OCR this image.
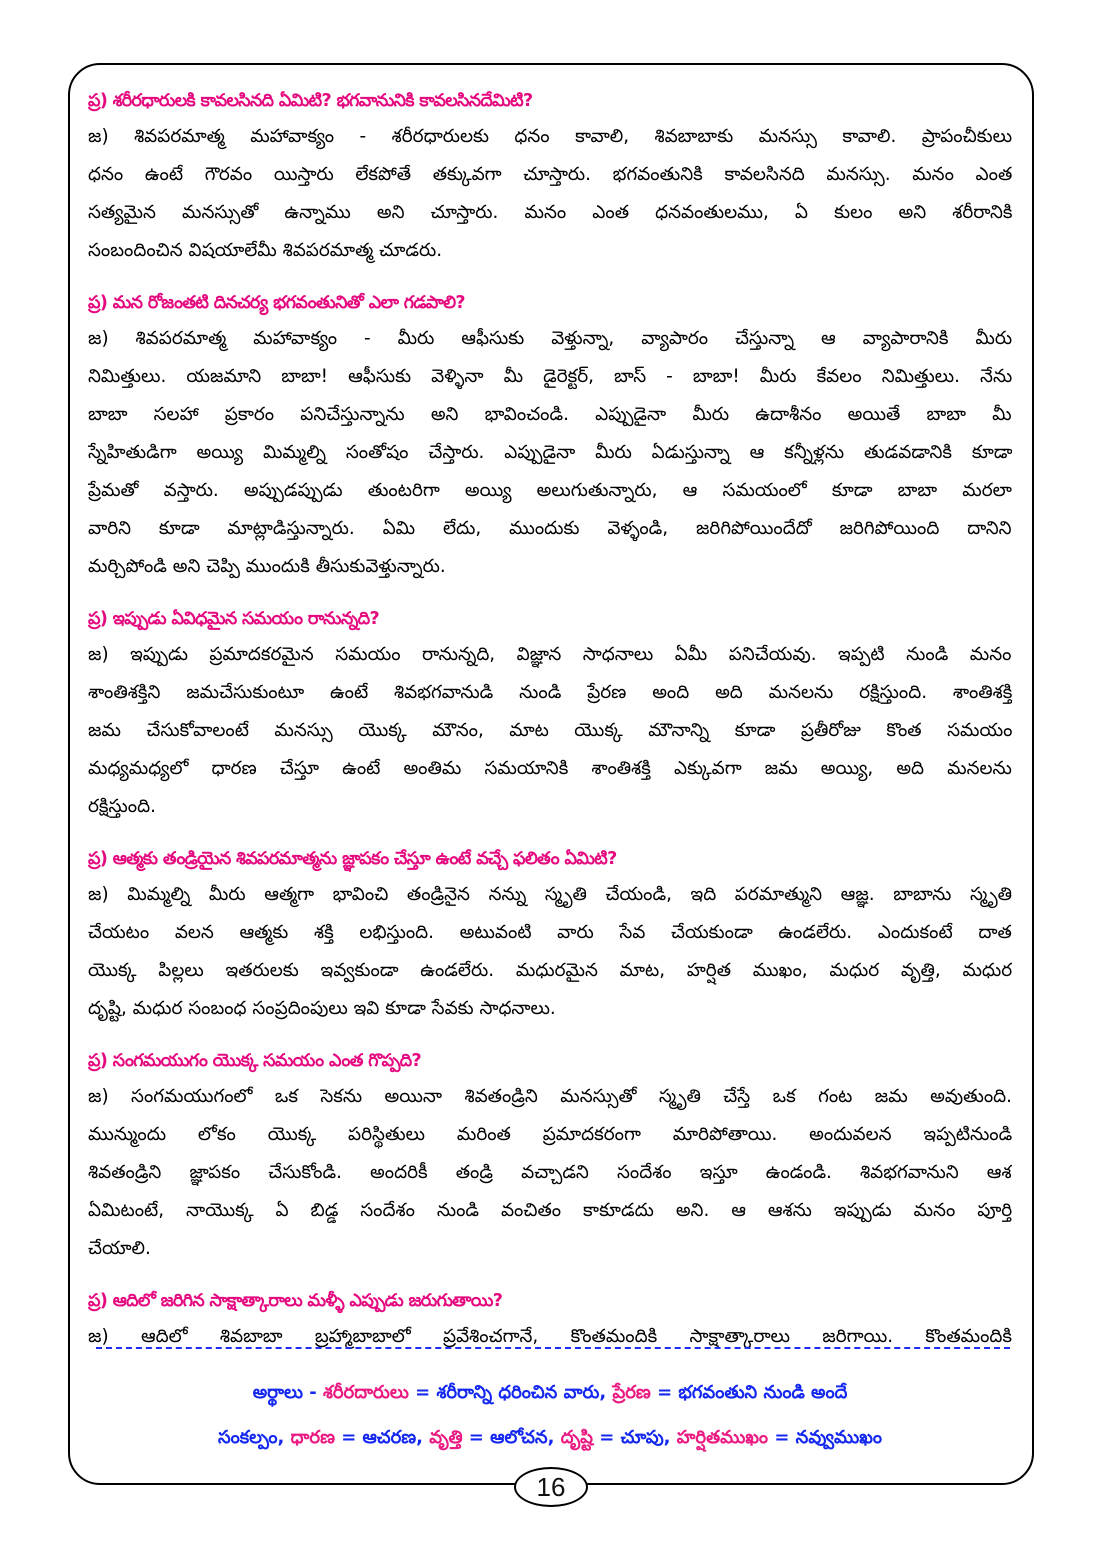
ప్ర) శరీరధారులకి కావలసినది ఏమిటి? భగవానునికి కావలసినదేమిటి?
జ) శివపరమాత్మ మహావాక్యం - శరీరధారులకు ధనం కావాలి, శివబాబాకు మనస్సు కావాలి. ప్రాపంచీకులు
ధనం ఉంటే గౌరవం యిస్తారు లేకపోతే తక్కువగా చూస్తారు. భగవంతునికి కావలసినది మనస్సు. మనం ఎంత
సత్యమైన మనస్సుతో ఉన్నాము అని చూస్తారు. మనం ఎంత ధనవంతులము, ఏ కులం అని శరీరానికి
సంబందించిన విషయాలేమీ శివపరమాత్మ చూడరు.
ప్ర) మన రోజంతటి దినచర్య భగవంతునితో ఎలా గడపాలి?
జ) శివపరమాత్మ మహావాక్యం - మీరు ఆఫీసుకు వెళ్తున్నా, వ్యాపారం చేస్తున్నా ఆ వ్యాపారానికి మీరు
నిమిత్తులు. యజమాని బాబా! ఆఫీసుకు వెళ్ళినా మీ డైరెక్టర్, బాస్ - బాబా! మీరు కేవలం నిమిత్తులు. నేను
బాబా సలహా ప్రకారం పనిచేస్తున్నాను అని భావించండి. ఎప్పుడైనా మీరు ఉదాశీనం అయితే బాబా మీ
స్నేహితుడిగా అయ్యి మిమ్మల్ని సంతోషం చేస్తారు. ఎప్పుడైనా మీరు ఏడుస్తున్నా ఆ కన్నీళ్లను తుడవడానికి కూడా
ప్రేమతో వస్తారు. అప్పుడప్పుడు తుంటరిగా అయ్యి అలుగుతున్నారు, ఆ సమయంలో కూడా బాబా మరలా
వారిని కూడా మాట్లాడిస్తున్నారు. ఏమి లేదు, ముందుకు వెళ్ళండి, జరిగిపోయిందేదో జరిగిపోయింది దానిని
మర్చిపోండి అని చెప్పి ముందుకి తీసుకువెళ్తున్నారు.
ప్ర) ఇప్పుడు ఏవిధమైన సమయం రానున్నది?
జ) ఇప్పుడు ప్రమాదకరమైన సమయం రానున్నది, విజ్ఞాన సాధనాలు ఏమీ పనిచేయవు. ఇప్పటి నుండి మనం
శాంతిశక్తిని జమచేసుకుంటూ ఉంటే శివభగవానుడి నుండి ప్రేరణ అంది అది మనలను రక్షిస్తుంది. శాంతిశక్తి
జమ చేసుకోవాలంటే మనస్సు యొక్క మౌనం, మాట యొక్క మౌనాన్ని కూడా ప్రతీరోజు కొంత సమయం
మధ్యమధ్యలో ధారణ చేస్తూ ఉంటే అంతిమ సమయానికి శాంతిశక్తి ఎక్కువగా జమ అయ్యి, అది మనలను
రక్షిస్తుంది.
ప్ర) ఆత్మకు తండ్రియైన శివపరమాత్మను జ్ఞాపకం చేస్తూ ఉంటే వచ్చే ఫలితం ఏమిటి?
జ) మిమ్మల్ని మీరు ఆత్మగా భావించి తండ్రినైన నన్ను స్మృతి చేయండి, ఇది పరమాత్ముని ఆజ్ఞ. బాబాను స్మృతి
చేయటం వలన ఆత్మకు శక్తి లభిస్తుంది. అటువంటి వారు సేవ చేయకుండా ఉండలేరు. ఎందుకంటే దాత
యొక్క పిల్లలు ఇతరులకు ఇవ్వకుండా ఉండలేరు. మధురమైన మాట, హర్షిత ముఖం, మధుర వృత్తి, మధుర
దృష్టి, మధుర సంబంధ సంప్రదింపులు ఇవి కూడా సేవకు సాధనాలు.
ప్ర) సంగమయుగం యొక్క సమయం ఎంత గొప్పది?
జ) సంగమయుగంలో ఒక సెకను అయినా శివతండ్రిని మనస్సుతో స్మృతి చేస్తే ఒక గంట జమ అవుతుంది.
మున్ముందు లోకం యొక్క పరిస్థితులు మరింత ప్రమాదకరంగా మారిపోతాయి. అందువలన ఇప్పటినుండి
శివతండ్రిని జ్ఞాపకం చేసుకోండి. అందరికీ తండ్రి వచ్చాడని సందేశం ఇస్తూ ఉండండి. శివభగవానుని ఆశ
ఏమిటంటే, నాయొక్క ఏ బిడ్డ సందేశం నుండి వంచితం కాకూడదు అని. ఆ ఆశను ఇప్పుడు మనం పూర్తి
చేయాలి.
ప్ర) ఆదిలో జరిగిన సాక్షాత్కారాలు మళ్ళీ ఎప్పుడు జరుగుతాయి?
జ) ఆదిలో శివబాబా బ్రహ్మాబాబాలో ప్రవేశించగానే, కొంతమందికి సాక్షాత్కారాలు జరిగాయి. కొంతమందికి
అర్థాలు - శరీరదారులు = శరీరాన్ని ధరించిన వారు, ప్రేరణ = భగవంతుని నుండి అందే
సంకల్పం, ధారణ = ఆచరణ, వృత్తి = ఆలోచన, దృష్టి = చూపు, హర్షితముఖం = నవ్వుముఖం
16
